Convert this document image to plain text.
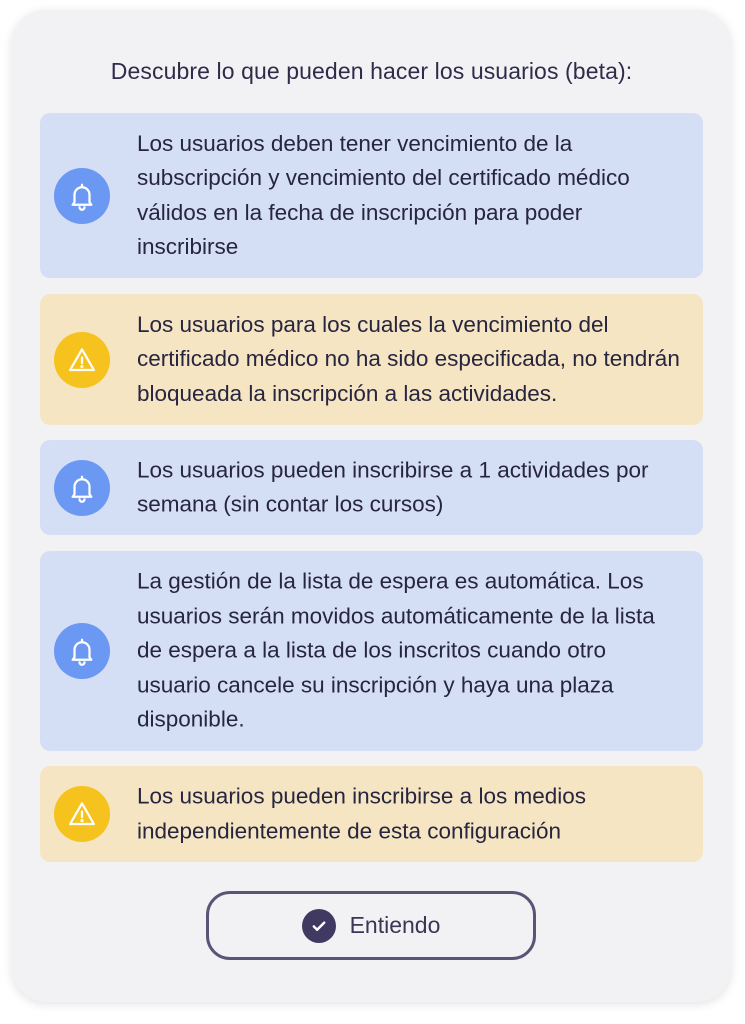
Descubre lo que pueden hacer los usuarios (beta):
Los usuarios deben tener vencimiento de la subscripción y vencimiento del certificado médico válidos en la fecha de inscripción para poder inscribirse
Los usuarios para los cuales la vencimiento del certificado médico no ha sido especificada, no tendrán bloqueada la inscripción a las actividades.
Los usuarios pueden inscribirse a 1 actividades por semana (sin contar los cursos)
La gestión de la lista de espera es automática. Los usuarios serán movidos automáticamente de la lista de espera a la lista de los inscritos cuando otro usuario cancele su inscripción y haya una plaza disponible.
Los usuarios pueden inscribirse a los medios independientemente de esta configuración
Entiendo
